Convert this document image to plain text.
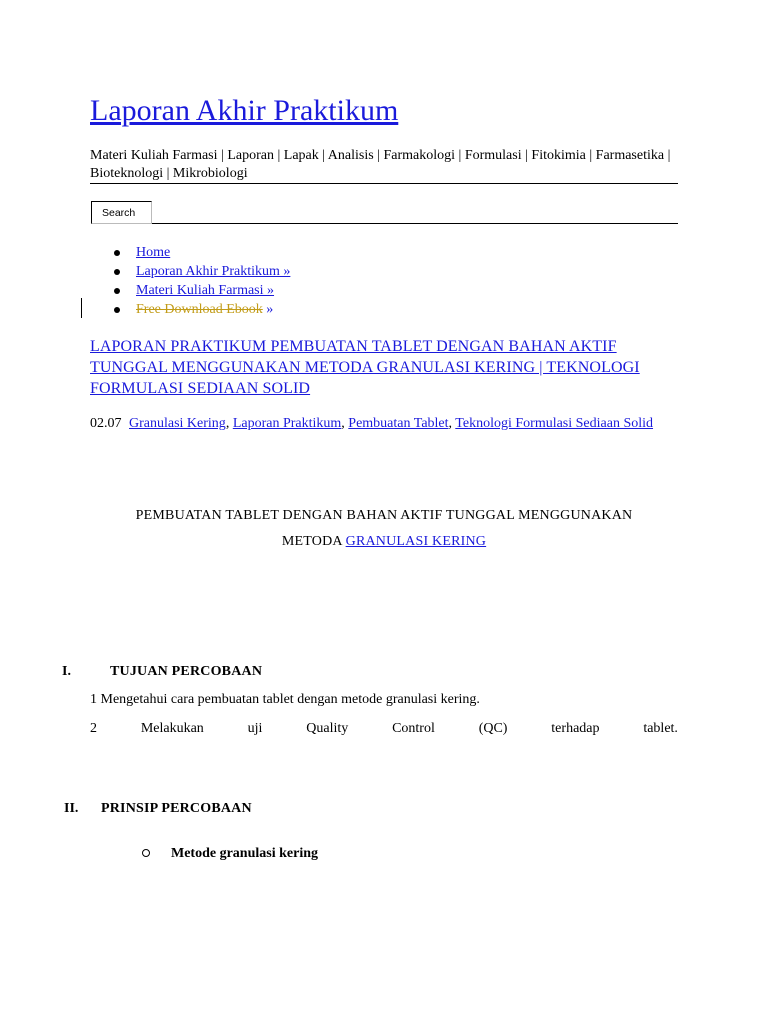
Laporan Akhir Praktikum
Materi Kuliah Farmasi | Laporan | Lapak | Analisis | Farmakologi | Formulasi | Fitokimia | Farmasetika | Bioteknologi | Mikrobiologi
Search
Home
Laporan Akhir Praktikum »
Materi Kuliah Farmasi »
Free Download Ebook »
LAPORAN PRAKTIKUM PEMBUATAN TABLET DENGAN BAHAN AKTIF TUNGGAL MENGGUNAKAN METODA GRANULASI KERING | TEKNOLOGI FORMULASI SEDIAAN SOLID
02.07 Granulasi Kering, Laporan Praktikum, Pembuatan Tablet, Teknologi Formulasi Sediaan Solid
PEMBUATAN TABLET DENGAN BAHAN AKTIF TUNGGAL MENGGUNAKAN
METODA GRANULASI KERING
I.	TUJUAN PERCOBAAN
1 Mengetahui cara pembuatan tablet dengan metode granulasi kering.
2	Melakukan	uji	Quality	Control	(QC)	terhadap	tablet.
II. PRINSIP PERCOBAAN
Metode granulasi kering
